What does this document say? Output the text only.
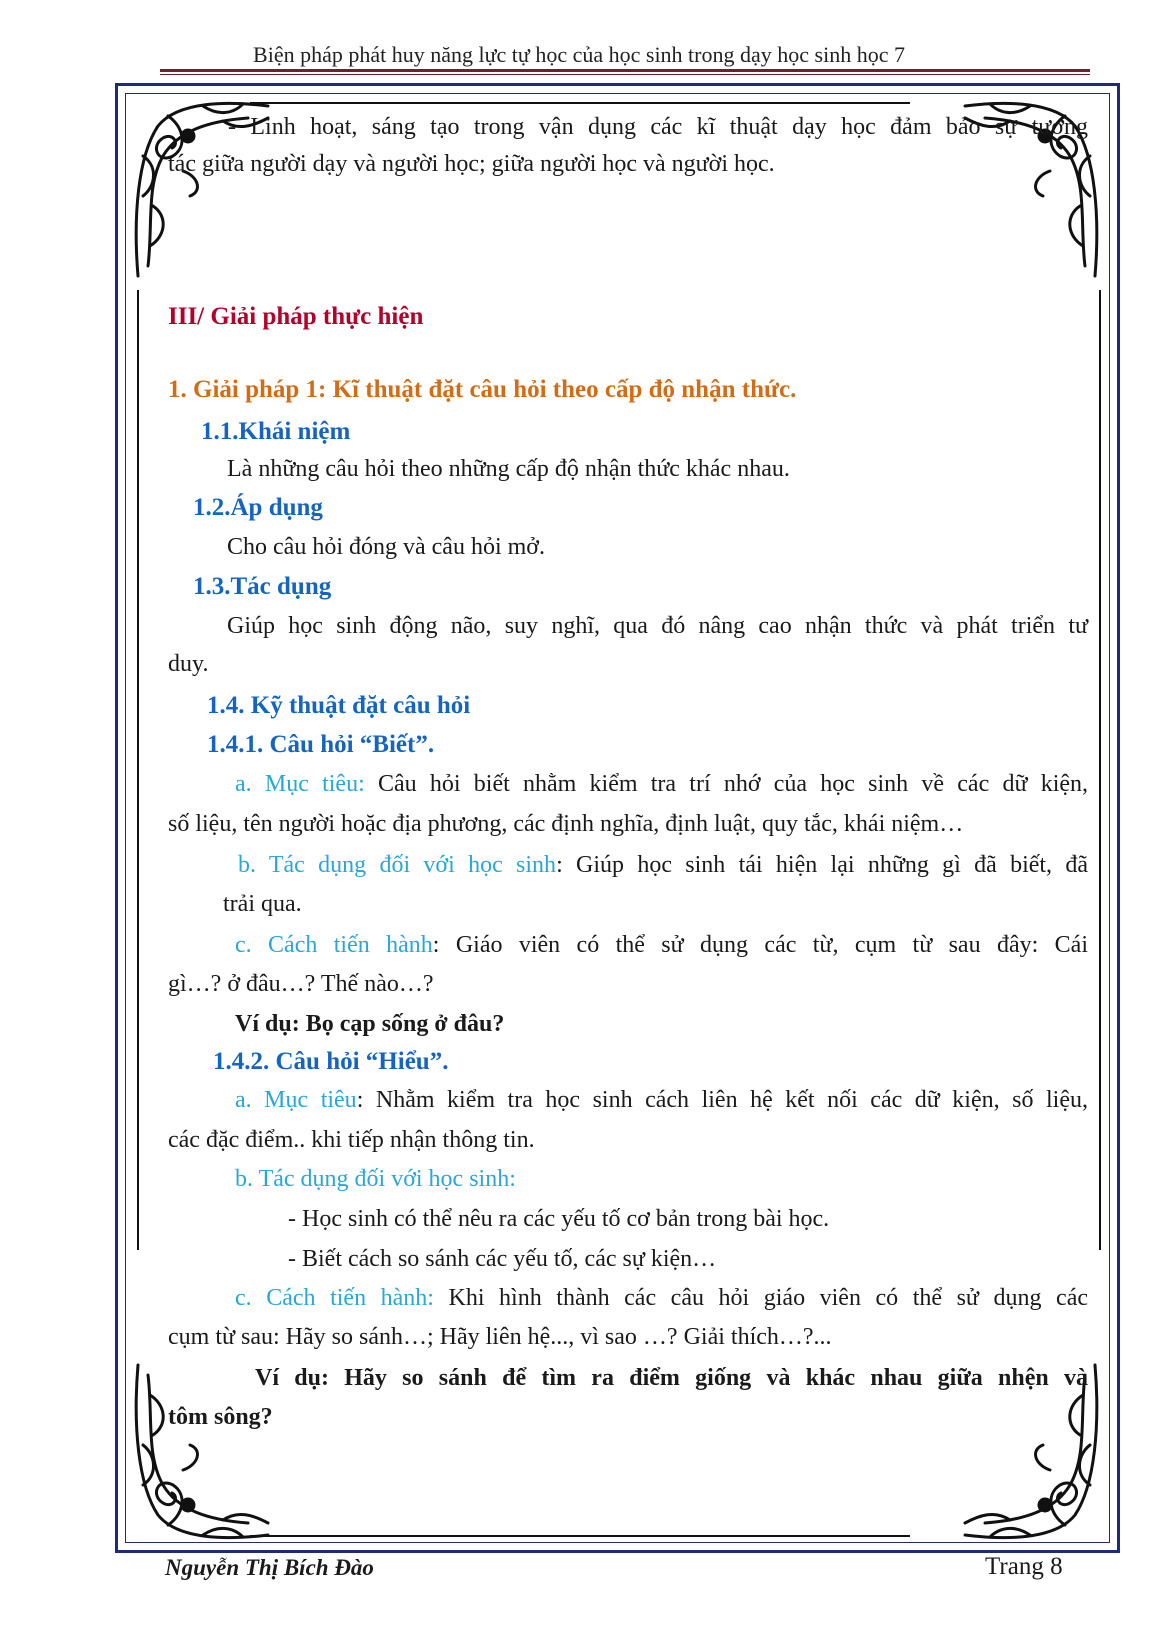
Biện pháp phát huy năng lực tự học của học sinh trong dạy học sinh học 7
- Linh hoạt, sáng tạo trong vận dụng các kĩ thuật dạy học đảm bảo sự tương
tác giữa người dạy và người học; giữa người học và người học.
III/ Giải pháp thực hiện
1. Giải pháp 1: Kĩ thuật đặt câu hỏi theo cấp độ nhận thức.
1.1.Khái niệm
Là những câu hỏi theo những cấp độ nhận thức khác nhau.
1.2.Áp dụng
Cho câu hỏi đóng và câu hỏi mở.
1.3.Tác dụng
Giúp học sinh động não, suy nghĩ, qua đó nâng cao nhận thức và phát triển tư
duy.
1.4. Kỹ thuật đặt câu hỏi
1.4.1. Câu hỏi “Biết”.
a. Mục tiêu: Câu hỏi biết nhằm kiểm tra trí nhớ của học sinh về các dữ kiện,
số liệu, tên người hoặc địa phương, các định nghĩa, định luật, quy tắc, khái niệm…
b. Tác dụng đối với học sinh: Giúp học sinh tái hiện lại những gì đã biết, đã
trải qua.
c. Cách tiến hành: Giáo viên có thể sử dụng các từ, cụm từ sau đây: Cái
gì…? ở đâu…? Thế nào…?
Ví dụ: Bọ cạp sống ở đâu?
1.4.2. Câu hỏi “Hiểu”.
a. Mục tiêu: Nhằm kiểm tra học sinh cách liên hệ kết nối các dữ kiện, số liệu,
các đặc điểm.. khi tiếp nhận thông tin.
b. Tác dụng đối với học sinh:
- Học sinh có thể nêu ra các yếu tố cơ bản trong bài học.
- Biết cách so sánh các yếu tố, các sự kiện…
c. Cách tiến hành: Khi hình thành các câu hỏi giáo viên có thể sử dụng các
cụm từ sau: Hãy so sánh…; Hãy liên hệ..., vì sao …? Giải thích…?...
Ví dụ: Hãy so sánh để tìm ra điểm giống và khác nhau giữa nhện và
tôm sông?
Nguyễn Thị Bích Đào	Trang 8
